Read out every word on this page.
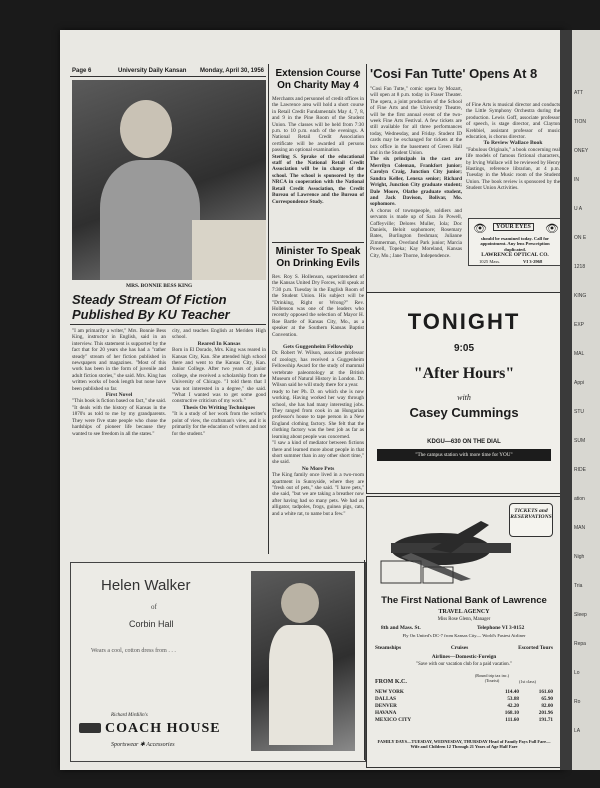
Page 6	University Daily Kansan Monday, April 30, 1956
MRS. BONNIE BESS KING
Steady Stream Of Fiction Published By KU Teacher
"I am primarily a writer," Mrs. Bonnie Bess King, instructor in English, said in an interview. This statement is supported by the fact that for 20 years she has had a "rather steady" stream of her fiction published in newspapers and magazines. "Most of this work has been in the form of juvenile and adult fiction stories," she said. Mrs. King has written works of book length but none have been published so far.
First Novel
"This book is fiction based on fact," she said. "It deals with the history of Kansas in the 1870's as told to me by my grandparents. They were five state people who chose the hardships of pioneer life because they wanted to see freedom in all the states."
city, and teaches English at Meriden High school.
Reared In Kansas
Born in El Dorado, Mrs. King was reared in Kansas City, Kan. She attended high school there and went to the Kansas City, Kan. Junior College. After two years of junior college, she received a scholarship from the University of Chicago. "I told them that I was not interested in a degree," she said. "What I wanted was to get some good constructive criticism of my work."
Thesis On Writing Techniques
"It is a study of her work from the writer's point of view, the craftsman's view, and it is primarily for the education of writers and not for the student."
Helen Walker
of
Corbin Hall
Wears a cool, cotton dress from . . .
Richard Mirdilin's
COACH HOUSE
Sportswear ✱ Accessories
Extension Course On Charity May 4
Merchants and personnel of credit offices in the Lawrence area will hold a short course in Retail Credit Fundamentals May 4, 7, 8, and 9 in the Pine Room of the Student Union. The classes will be held from 7:30 p.m. to 10 p.m. each of the evenings. A National Retail Credit Association certificate will be awarded all persons passing an optional examination.
Sterling S. Sprake of the educational staff of the National Retail Credit Association will be in charge of the school. The school is sponsored by the NRCA in cooperation with the National Retail Credit Association, the Credit Bureau of Lawrence and the Bureau of Correspondence Study.
Minister To Speak On Drinking Evils
Rev. Roy S. Hollenson, superintendent of the Kansas United Dry Forces, will speak at 7:30 p.m. Tuesday in the English Room of the Student Union. His subject will be "Drinking, Right or Wrong?" Rev. Hollenson was one of the leaders who recently opposed the selection of Mayor H. Roe Bartle of Kansas City, Mo., as a speaker at the Southern Kansas Baptist Convention.
Gets Guggenheim Fellowship
Dr. Robert W. Wilson, associate professor of zoology, has received a Guggenheim Fellowship Award for the study of mammal vertebrate paleontology at the British Museum of Natural History in London. Dr. Wilson said he will study there for a year.
ready to her Ph. D. on which she is now working. Having worked her way through school, she has had many interesting jobs. They ranged from cook in an Hungarian professor's house to tape person in a New England clothing factory. She felt that the clothing factory was the best job as far as learning about people was concerned.
"I saw a kind of mediator between fictions there and learned more about people in that short summer than in any other short time," she said.
No More Pets
The King family once lived in a two-room apartment in Sunnyside, where they are "fresh out of pets," she said. "I have pets," she said, "but we are taking a breather now after having had so many pets. We had an alligator, tadpoles, frogs, guinea pigs, cats, and a white rat, to name but a few."
'Cosi Fan Tutte' Opens At 8
"Cosi Fan Tutte," comic opera by Mozart, will open at 8 p.m. today in Fraser Theater. The opera, a joint production of the School of Fine Arts and the University Theatre, will be the first annual event of the two-week Fine Arts Festival. A few tickets are still available for all three performances today, Wednesday, and Friday. Student ID cards may be exchanged for tickets at the box office in the basement of Green Hall and in the Student Union.
The six principals in the cast are Merrilyn Coleman, Frankfort junior; Carolyn Craig, Junction City junior; Sandra Keller, Lenexa senior; Richard Wright, Junction City graduate student; Dale Moore, Olathe graduate student, and Jack Davison, Bolivar, Mo. sophomore.
A chorus of townspeople, soldiers and servants is made up of Sara Jo Powell, Coffeyville; Delores Muller, Iola; Doc Daniels, Beloit sophomore; Rosemary Bates, Burlington freshman; Julianne Zimmerman, Overland Park junior; Marcia Powell, Topeka; Kay Moreland, Kansas City, Mo.; Jane Thorne, Independence.
of Fine Arts is musical director and conducts the Little Symphony Orchestra during the production. Lewis Goff, associate professor of speech, is stage director, and Clayton Krehbiel, assistant professor of music education, is chorus director.
To Review Wallace Book
"Fabulous Originals," a book concerning real life models of famous fictional characters, by Irving Wallace will be reviewed by Henry Hastings, reference librarian, at 4 p.m. Tuesday in the Music room of the Student Union. The book review is sponsored by the Student Union Activities.
👁	YOUR EYES 👁
should be examined today. Call for appointment. Any lens Prescription duplicated.
LAWRENCE OPTICAL CO.
1025 Mass.	VI 3-2968
TONIGHT
9:05
"After Hours"
with
Casey Cummings
KDGU—630 ON THE DIAL
"The campus station with more time for YOU"
TICKETS and RESERVATIONS
The First National Bank of Lawrence
TRAVEL AGENCY
Miss Rose Glenn, Manager
8th and Mass. St.	Telephone VI 3-0152
Fly On United's DC-7 from Kansas City— World's Fastest Airliner
Steamships	Cruises	Escorted Tours
Airlines—Domestic-Foreign
"Save with our vacation club for a paid vacation."
FROM K.C.
(Round trip tax inc.) (Tourist)	(1st class)
NEW YORK	114.40	161.60
DALLAS	53.88	65.90
DENVER	42.20	82.00
HAVANA	168.10	201.96
MEXICO CITY	111.60	191.71
FAMILY DAYS—TUESDAY, WEDNESDAY, THURSDAY Head of Family Pays Full Fare—Wife and Children 12 Through 21 Years of Age Half Fare
ATT
TION
ONEY
IN
U A
ON E
1218
KING
EXP
MAL
Appi
STU
SUM
RIDE
ation
MAN
Nigh
Tria
Sleep
Repa
Lo
Ro
LA
